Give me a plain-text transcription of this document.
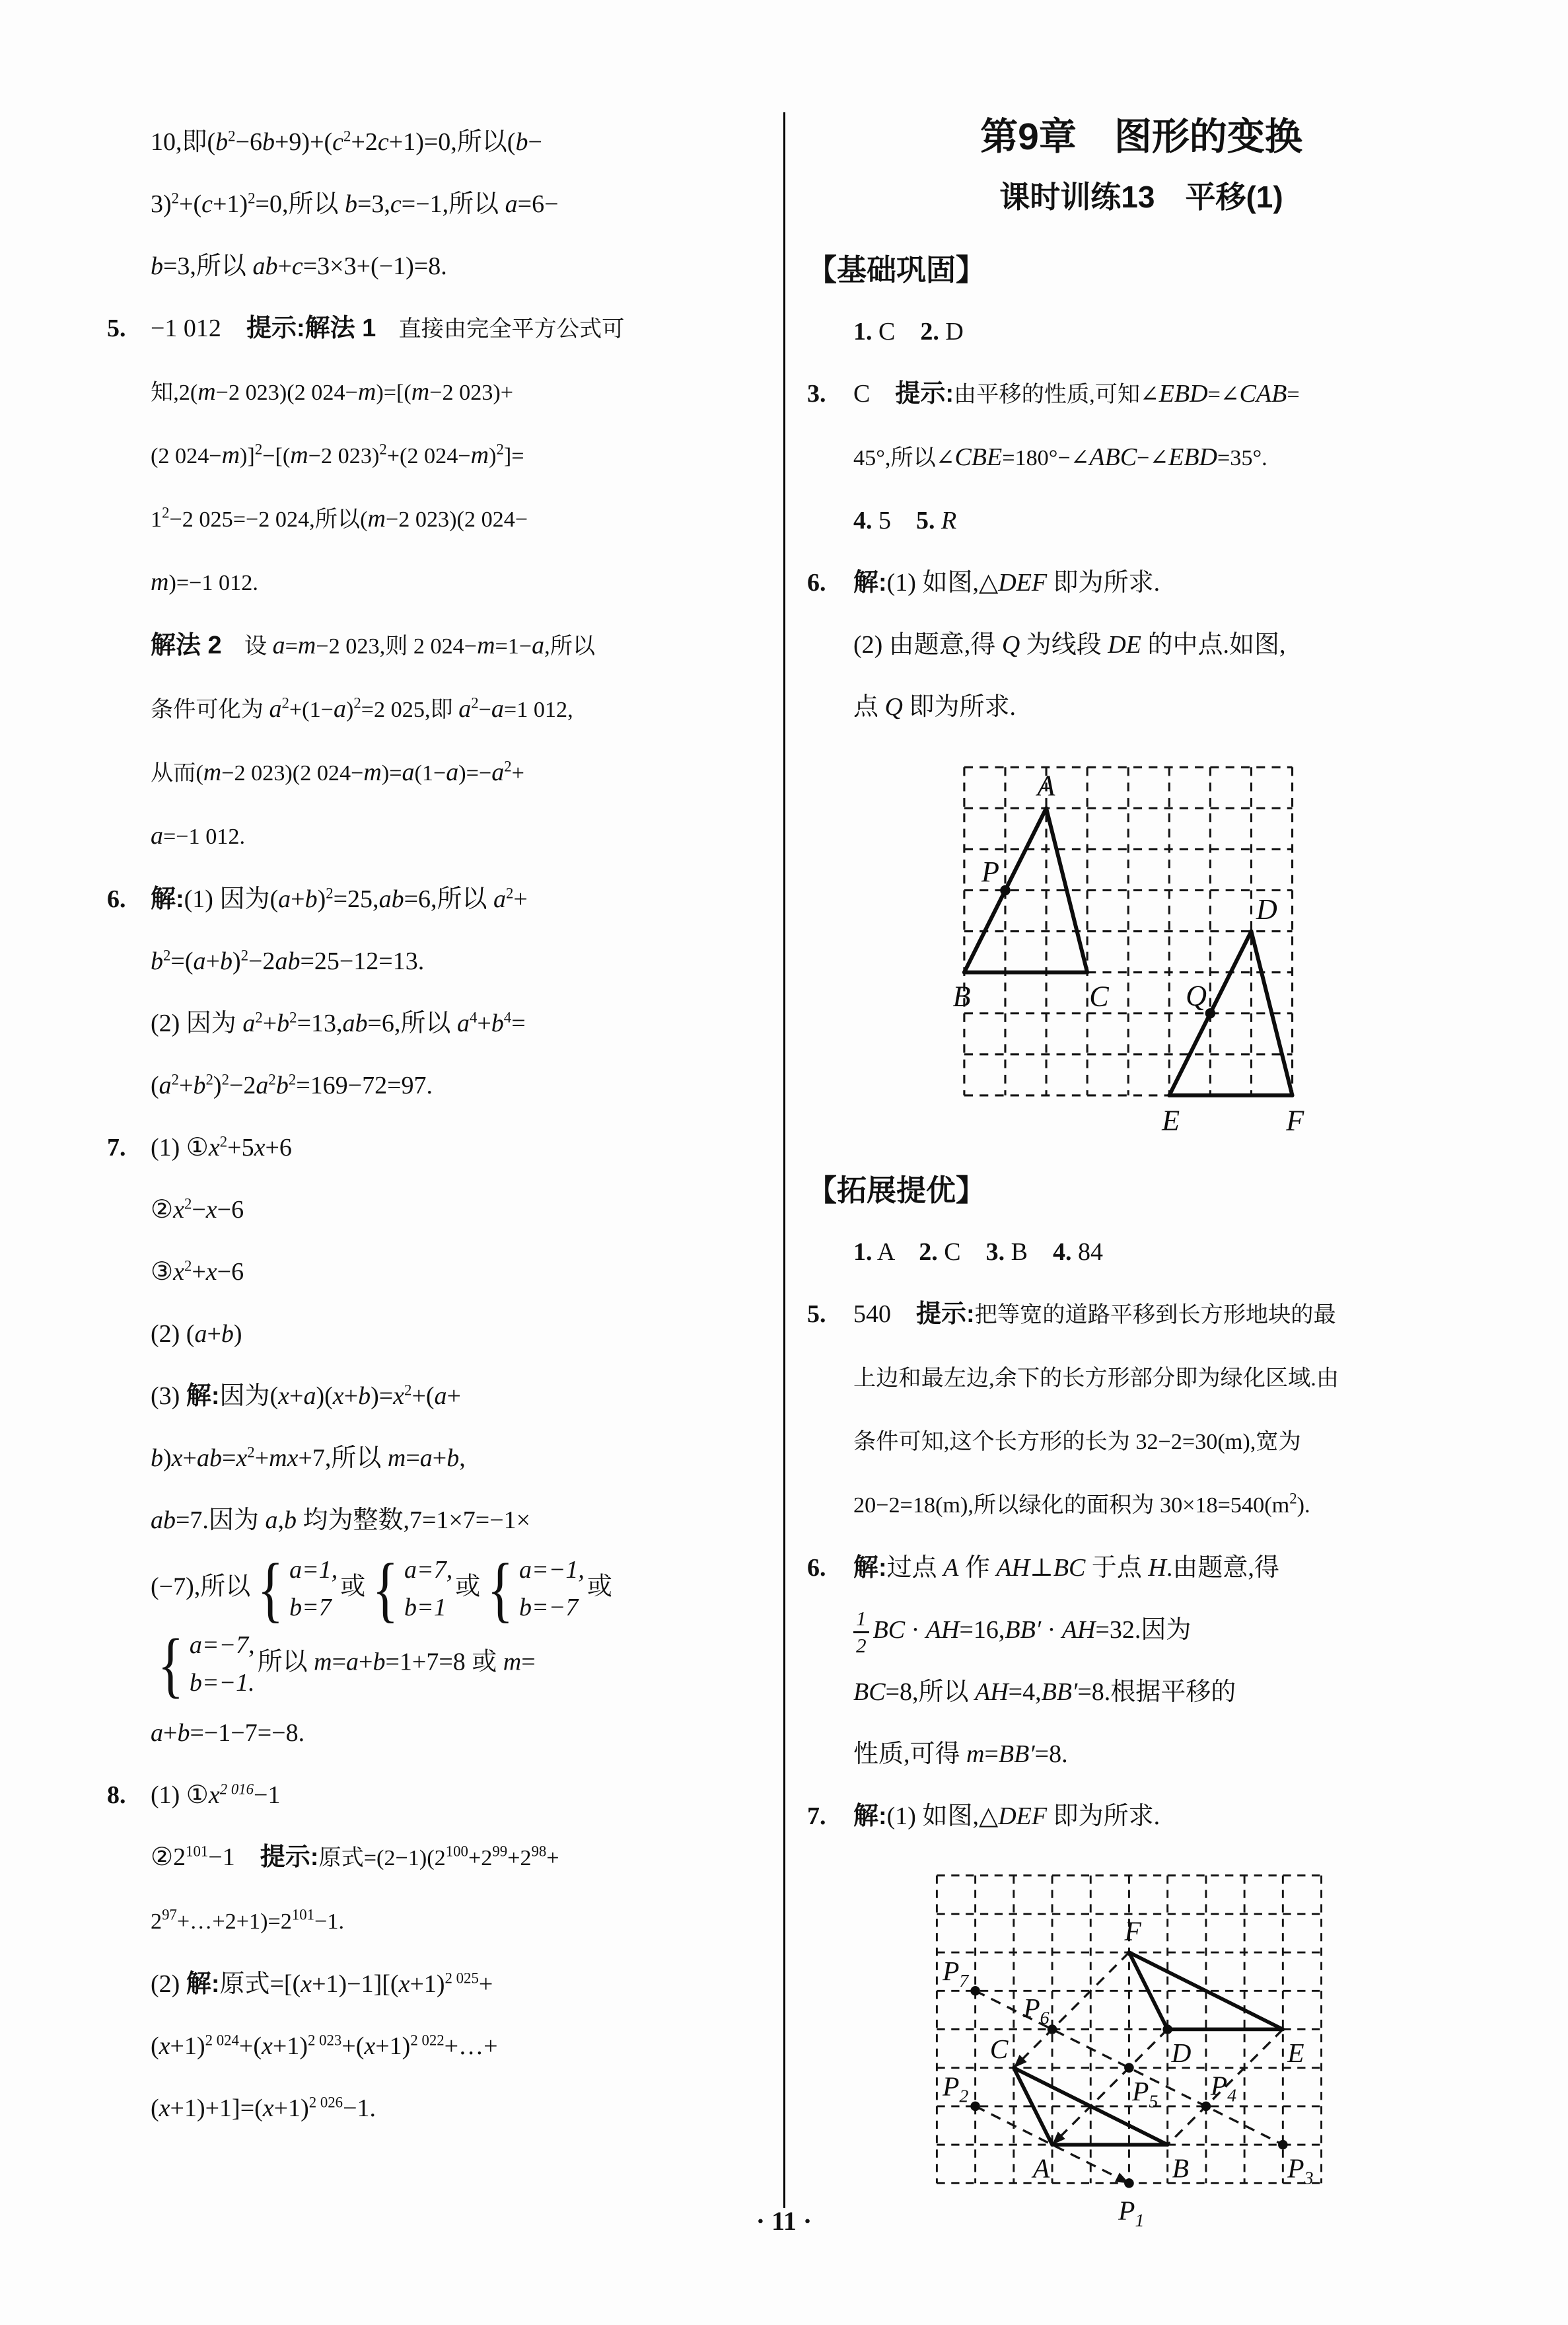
10,即$(b^2-6b+9)+(c^2+2c+1)=0$,所以(b−
$3)^2+(c+1)^2=0$,所以 b=3,c=−1,所以 a=6−
b=3,所以 ab+c=3×3+(−1)=8.
5. −1 012　提示:解法 1　直接由完全平方公式可
知,2(m−2 023)(2 024−m)=[(m−2 023)+
(2 024−m)]$^2$−[(m−2 023)$^2$+(2 024−m)$^2$]=
$1^2-2$ 025=−2 024,所以(m−2 023)(2 024−
m)=−1 012.
解法 2　设 a=m−2 023,则 2 024−m=1−a,所以
条件可化为 $a^2+(1-a)^2=2$ 025,即 $a^2-a=1$ 012,
从而(m−2 023)(2 $024-m)=a(1-a)=-a^2+$
a=−1 012.
6. 解:(1) 因为$(a+b)^2=25,ab=6$,所以 $a^2+$
$b^2=(a+b)^2-2ab=25-12=13$.
(2) 因为 $a^2+b^2=13,ab=6$,所以 $a^4+b^4=$
$(a^2+b^2)^2-2a^2b^2=169-72=97$.
7. (1) $①x^2+5x+6$
$②x^2-x-6$
$③x^2+x-6$
(2) (a+b)
(3) 解:因为$(x+a)(x+b)=x^2+(a+$
$b)x+ab=x^2+mx+7$,所以 m=a+b,
ab=7.因为 a,b 均为整数,7=1×7=−1×
(−7),所以 { a=1,
b=7
或 { a=7,
b=1
或 { a=−1,
b=−7
或
{ a=−7,
b=−1.
所以 m=a+b=1+7=8 或 m=
a+b=−1−7=−8.
8. (1) $①x^{2 016}-1$
$②2^{101}-1$　提示:原式$=(2-1)(2^{100}+2^{99}+2^{98}+$
$2^{97}+\dots+2+1)=2^{101}-1$.
(2) 解:原式$=[(x+1)-1][(x+1)^{2 025}+$
$(x+1)^{2 024}+(x+1)^{2 023}+(x+1)^{2 022}+\dots+$
$(x+1)+1]=(x+1)^{2 026}-1$.
第9章　图形的变换
课时训练13　平移(1)
【基础巩固】
1. C　2. D
3. C　提示:由平移的性质,可知∠EBD=∠CAB=
45°,所以∠CBE=180°−∠ABC−∠EBD=35°.
4. 5　5. R
6. 解:(1) 如图,△DEF 即为所求.
(2) 由题意,得 Q 为线段 DE 的中点.如图,
点 Q 即为所求.
A
B	C
P
D
Q
E	F
【拓展提优】
1. A　2. C　3. B　4. 84
5. 540　提示:把等宽的道路平移到长方形地块的最
上边和最左边,余下的长方形部分即为绿化区域.由
条件可知,这个长方形的长为 32−2=30(m),宽为
20−2=18(m),所以绿化的面积为 $30\times 18=540(m^2)$.
6. 解:过点 A 作 AH⊥BC 于点 H.由题意,得
$\frac{1}{2}$ BC · AH=16,BB′ · AH=32.因为
BC=8,所以 AH=4,BB′=8.根据平移的
性质,可得 m=BB′=8.
7. 解:(1) 如图,△DEF 即为所求.
F
$P_7$
$P_6$
D	E
C
$P_5$
$P_2$	$P_4$
A	B	$P_3$
$P_1$
· 11 ·
